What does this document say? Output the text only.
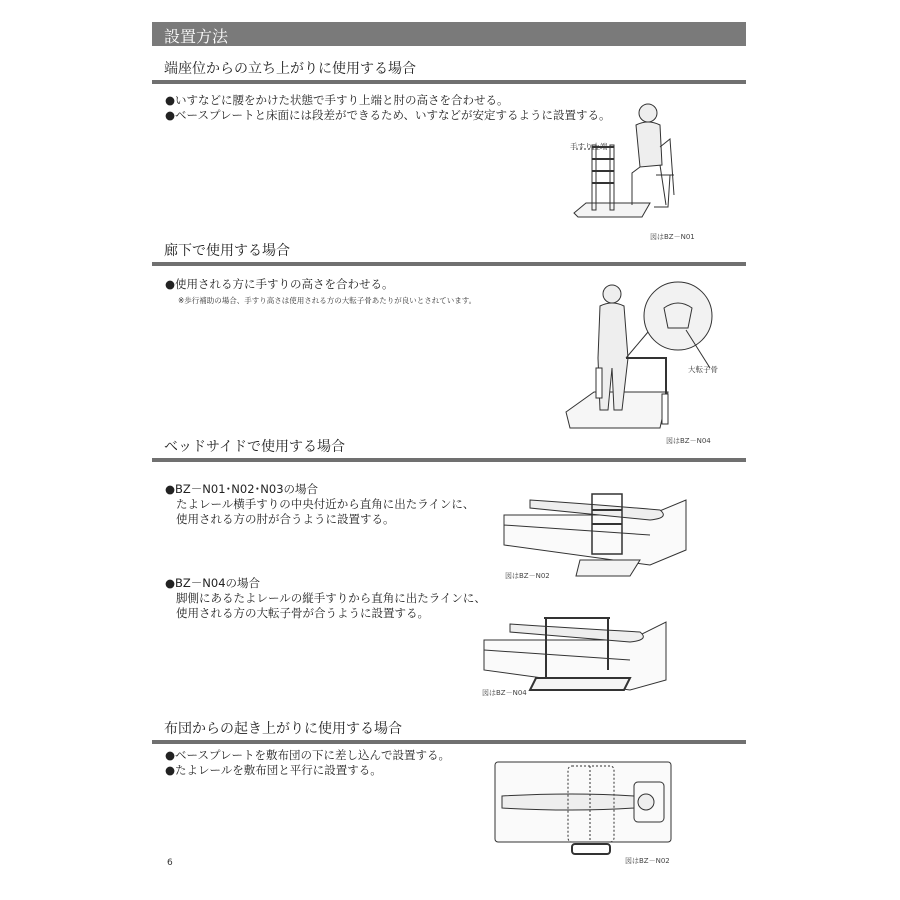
設置方法
端座位からの立ち上がりに使用する場合
●いすなどに腰をかけた状態で手すり上端と肘の高さを合わせる。
●ベースプレートと床面には段差ができるため、いすなどが安定するように設置する。
手すり上端
図はBZ－N01
廊下で使用する場合
●使用される方に手すりの高さを合わせる。
※歩行補助の場合、手すり高さは使用される方の大転子骨あたりが良いとされています。
大転子骨
図はBZ－N04
ベッドサイドで使用する場合
●BZ－N01･N02･N03の場合
たよレール横手すりの中央付近から直角に出たラインに、
使用される方の肘が合うように設置する。
図はBZ－N02
●BZ－N04の場合
脚側にあるたよレールの縦手すりから直角に出たラインに、
使用される方の大転子骨が合うように設置する。
図はBZ－N04
布団からの起き上がりに使用する場合
●ベースプレートを敷布団の下に差し込んで設置する。
●たよレールを敷布団と平行に設置する。
図はBZ－N02
6
